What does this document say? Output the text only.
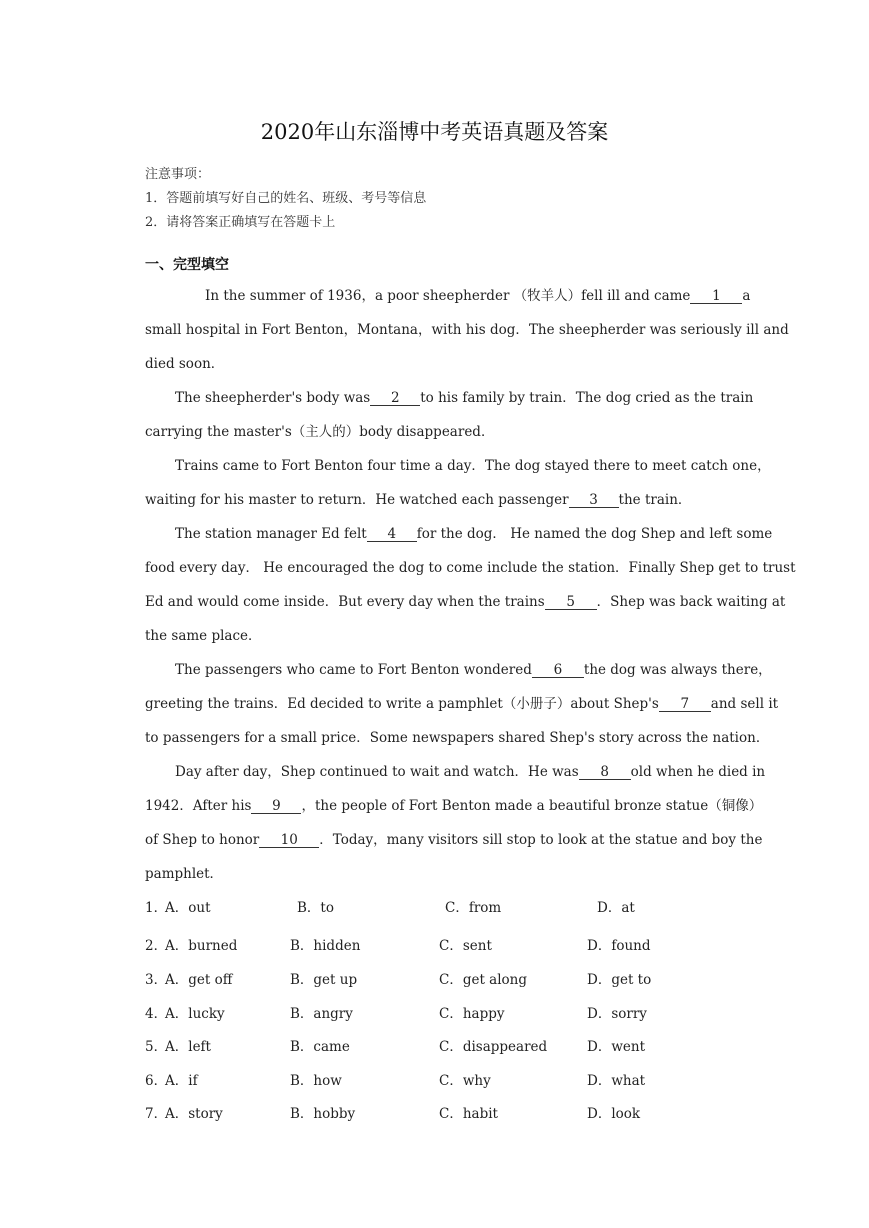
2020年山东淄博中考英语真题及答案
注意事项：
1．答题前填写好自己的姓名、班级、考号等信息
2．请将答案正确填写在答题卡上
一、完型填空
In the summer of 1936，a poor sheepherder （牧羊人）fell ill and came 1 a
small hospital in Fort Benton，Montana，with his dog．The sheepherder was seriously ill and
died soon．
The sheepherder's body was 2 to his family by train．The dog cried as the train
carrying the master's（主人的）body disappeared．
Trains came to Fort Benton four time a day．The dog stayed there to meet catch one，
waiting for his master to return．He watched each passenger 3 the train．
The station manager Ed felt 4 for the dog． He named the dog Shep and left some
food every day． He encouraged the dog to come include the station．Finally Shep get to trust
Ed and would come inside．But every day when the trains 5 ．Shep was back waiting at
the same place．
The passengers who came to Fort Benton wondered 6 the dog was always there，
greeting the trains．Ed decided to write a pamphlet（小册子）about Shep's 7 and sell it
to passengers for a small price．Some newspapers shared Shep's story across the nation．
Day after day，Shep continued to wait and watch．He was 8 old when he died in
1942．After his 9 ，the people of Fort Benton made a beautiful bronze statue（铜像）
of Shep to honor 10 ．Today，many visitors sill stop to look at the statue and boy the
pamphlet．
1．
A．out	B．to	C．from	D．at
2．
A．burned	B．hidden	C．sent	D．found
3．
A．get off	B．get up	C．get along	D．get to
4．
A．lucky	B．angry	C．happy	D．sorry
5．
A．left	B．came	C．disappeared	D．went
6．
A．if	B．how	C．why	D．what
7．
A．story	B．hobby	C．habit	D．look
